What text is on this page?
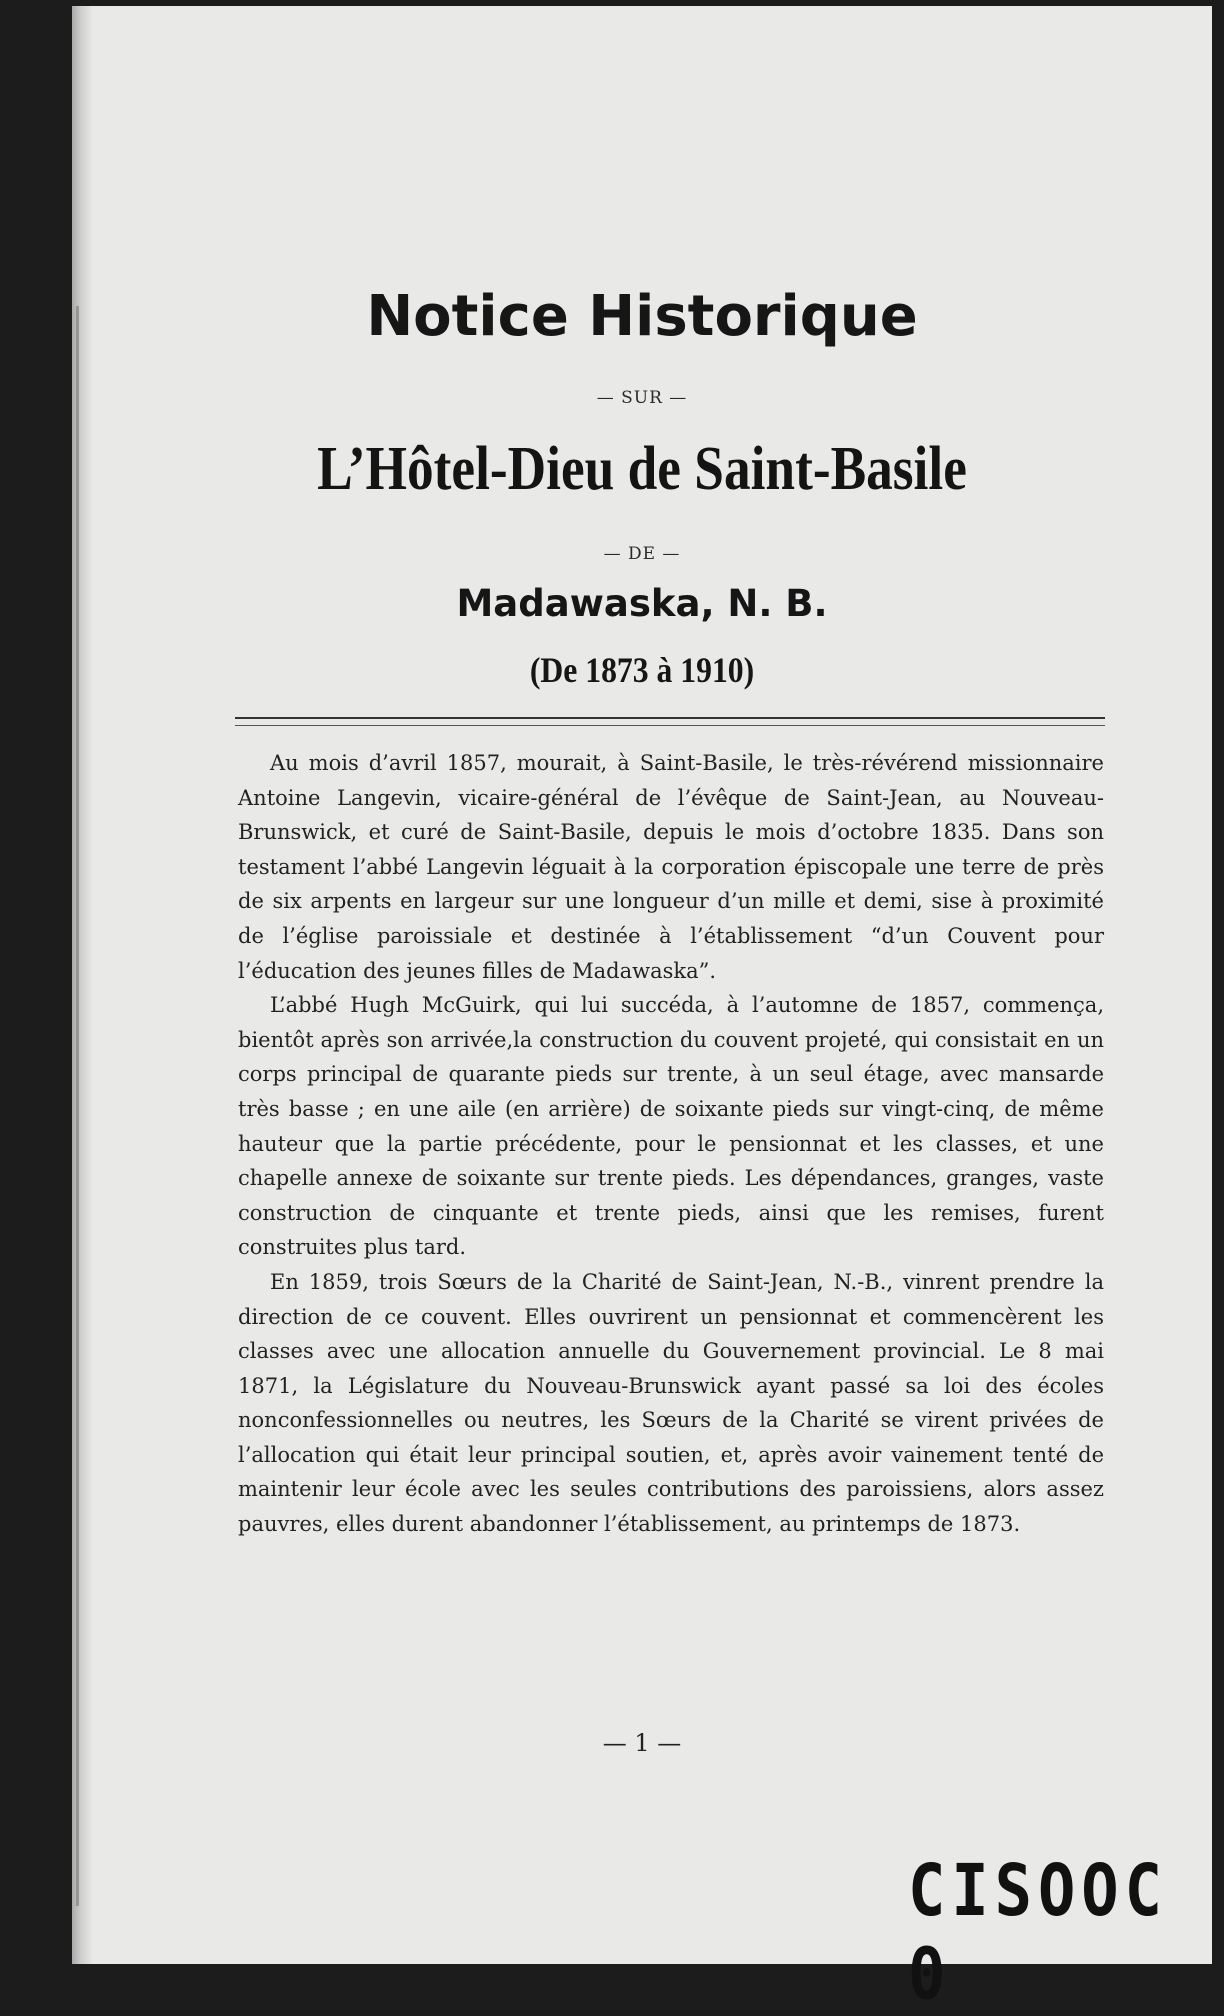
Notice Historique
— SUR —
L’Hôtel-Dieu de Saint-Basile
— DE —
Madawaska, N. B.
(De 1873 à 1910)

Au mois d’avril 1857, mourait, à Saint-Basile, le très-révérend missionnaire Antoine Langevin, vicaire-général de l’évêque de Saint-Jean, au Nouveau-Brunswick, et curé de Saint-Basile, depuis le mois d’octobre 1835. Dans son testament l’abbé Langevin léguait à la corporation épiscopale une terre de près de six arpents en largeur sur une longueur d’un mille et demi, sise à proximité de l’église paroissiale et destinée à l’établissement “d’un Couvent pour l’éducation des jeunes filles de Madawaska”.

L’abbé Hugh McGuirk, qui lui succéda, à l’automne de 1857, commença, bientôt après son arrivée,la construction du couvent projeté, qui consistait en un corps principal de quarante pieds sur trente, à un seul étage, avec mansarde très basse ; en une aile (en arrière) de soixante pieds sur vingt-cinq, de même hauteur que la partie précédente, pour le pensionnat et les classes, et une chapelle annexe de soixante sur trente pieds. Les dépendances, granges, vaste construction de cinquante et trente pieds, ainsi que les remises, furent construites plus tard.

En 1859, trois Sœurs de la Charité de Saint-Jean, N.-B., vinrent prendre la direction de ce couvent. Elles ouvrirent un pensionnat et commencèrent les classes avec une allocation annuelle du Gouvernement provincial. Le 8 mai 1871, la Législature du Nouveau-Brunswick ayant passé sa loi des écoles nonconfessionnelles ou neutres, les Sœurs de la Charité se virent privées de l’allocation qui était leur principal soutien, et, après avoir vainement tenté de maintenir leur école avec les seules contributions des paroissiens, alors assez pauvres, elles durent abandonner l’établissement, au printemps de 1873.

— 1 —
CISOOC 0
